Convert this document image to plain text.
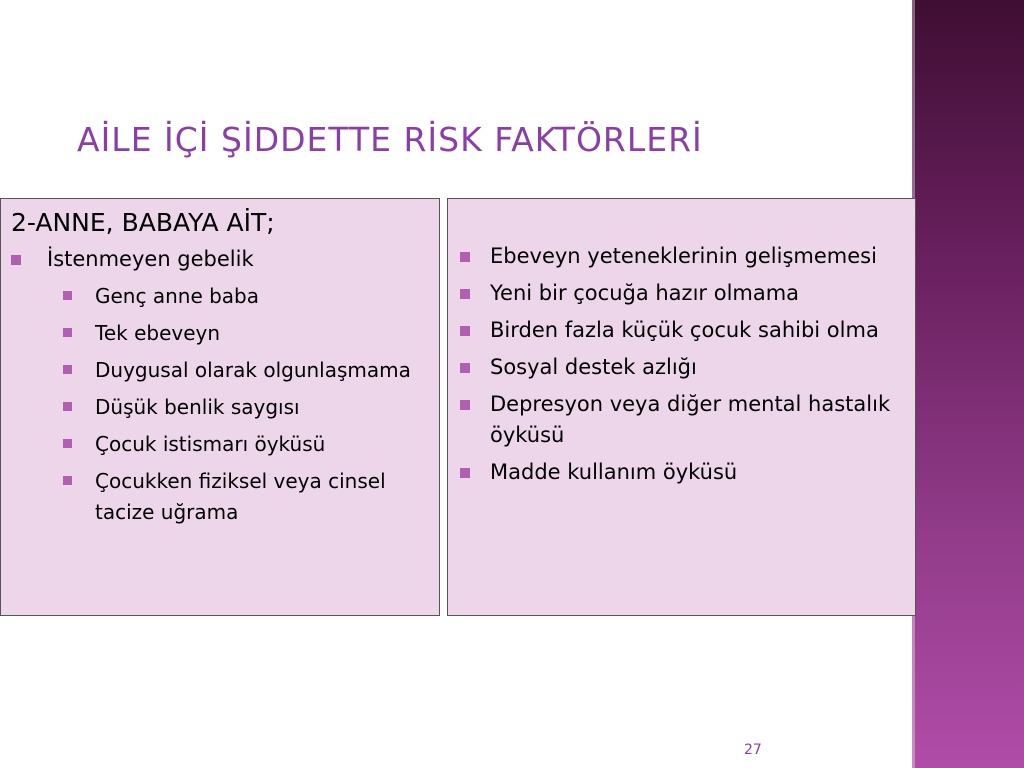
AİLE İÇİ ŞİDDETTE RİSK FAKTÖRLERİ
2-ANNE, BABAYA AİT;
İstenmeyen gebelik
Genç anne baba
Tek ebeveyn
Duygusal olarak olgunlaşmama
Düşük benlik saygısı
Çocuk istismarı öyküsü
Çocukken fiziksel veya cinsel tacize uğrama
Ebeveyn yeteneklerinin gelişmemesi
Yeni bir çocuğa hazır olmama
Birden fazla küçük çocuk sahibi olma
Sosyal destek azlığı
Depresyon veya diğer mental hastalık öyküsü
Madde kullanım öyküsü
27
